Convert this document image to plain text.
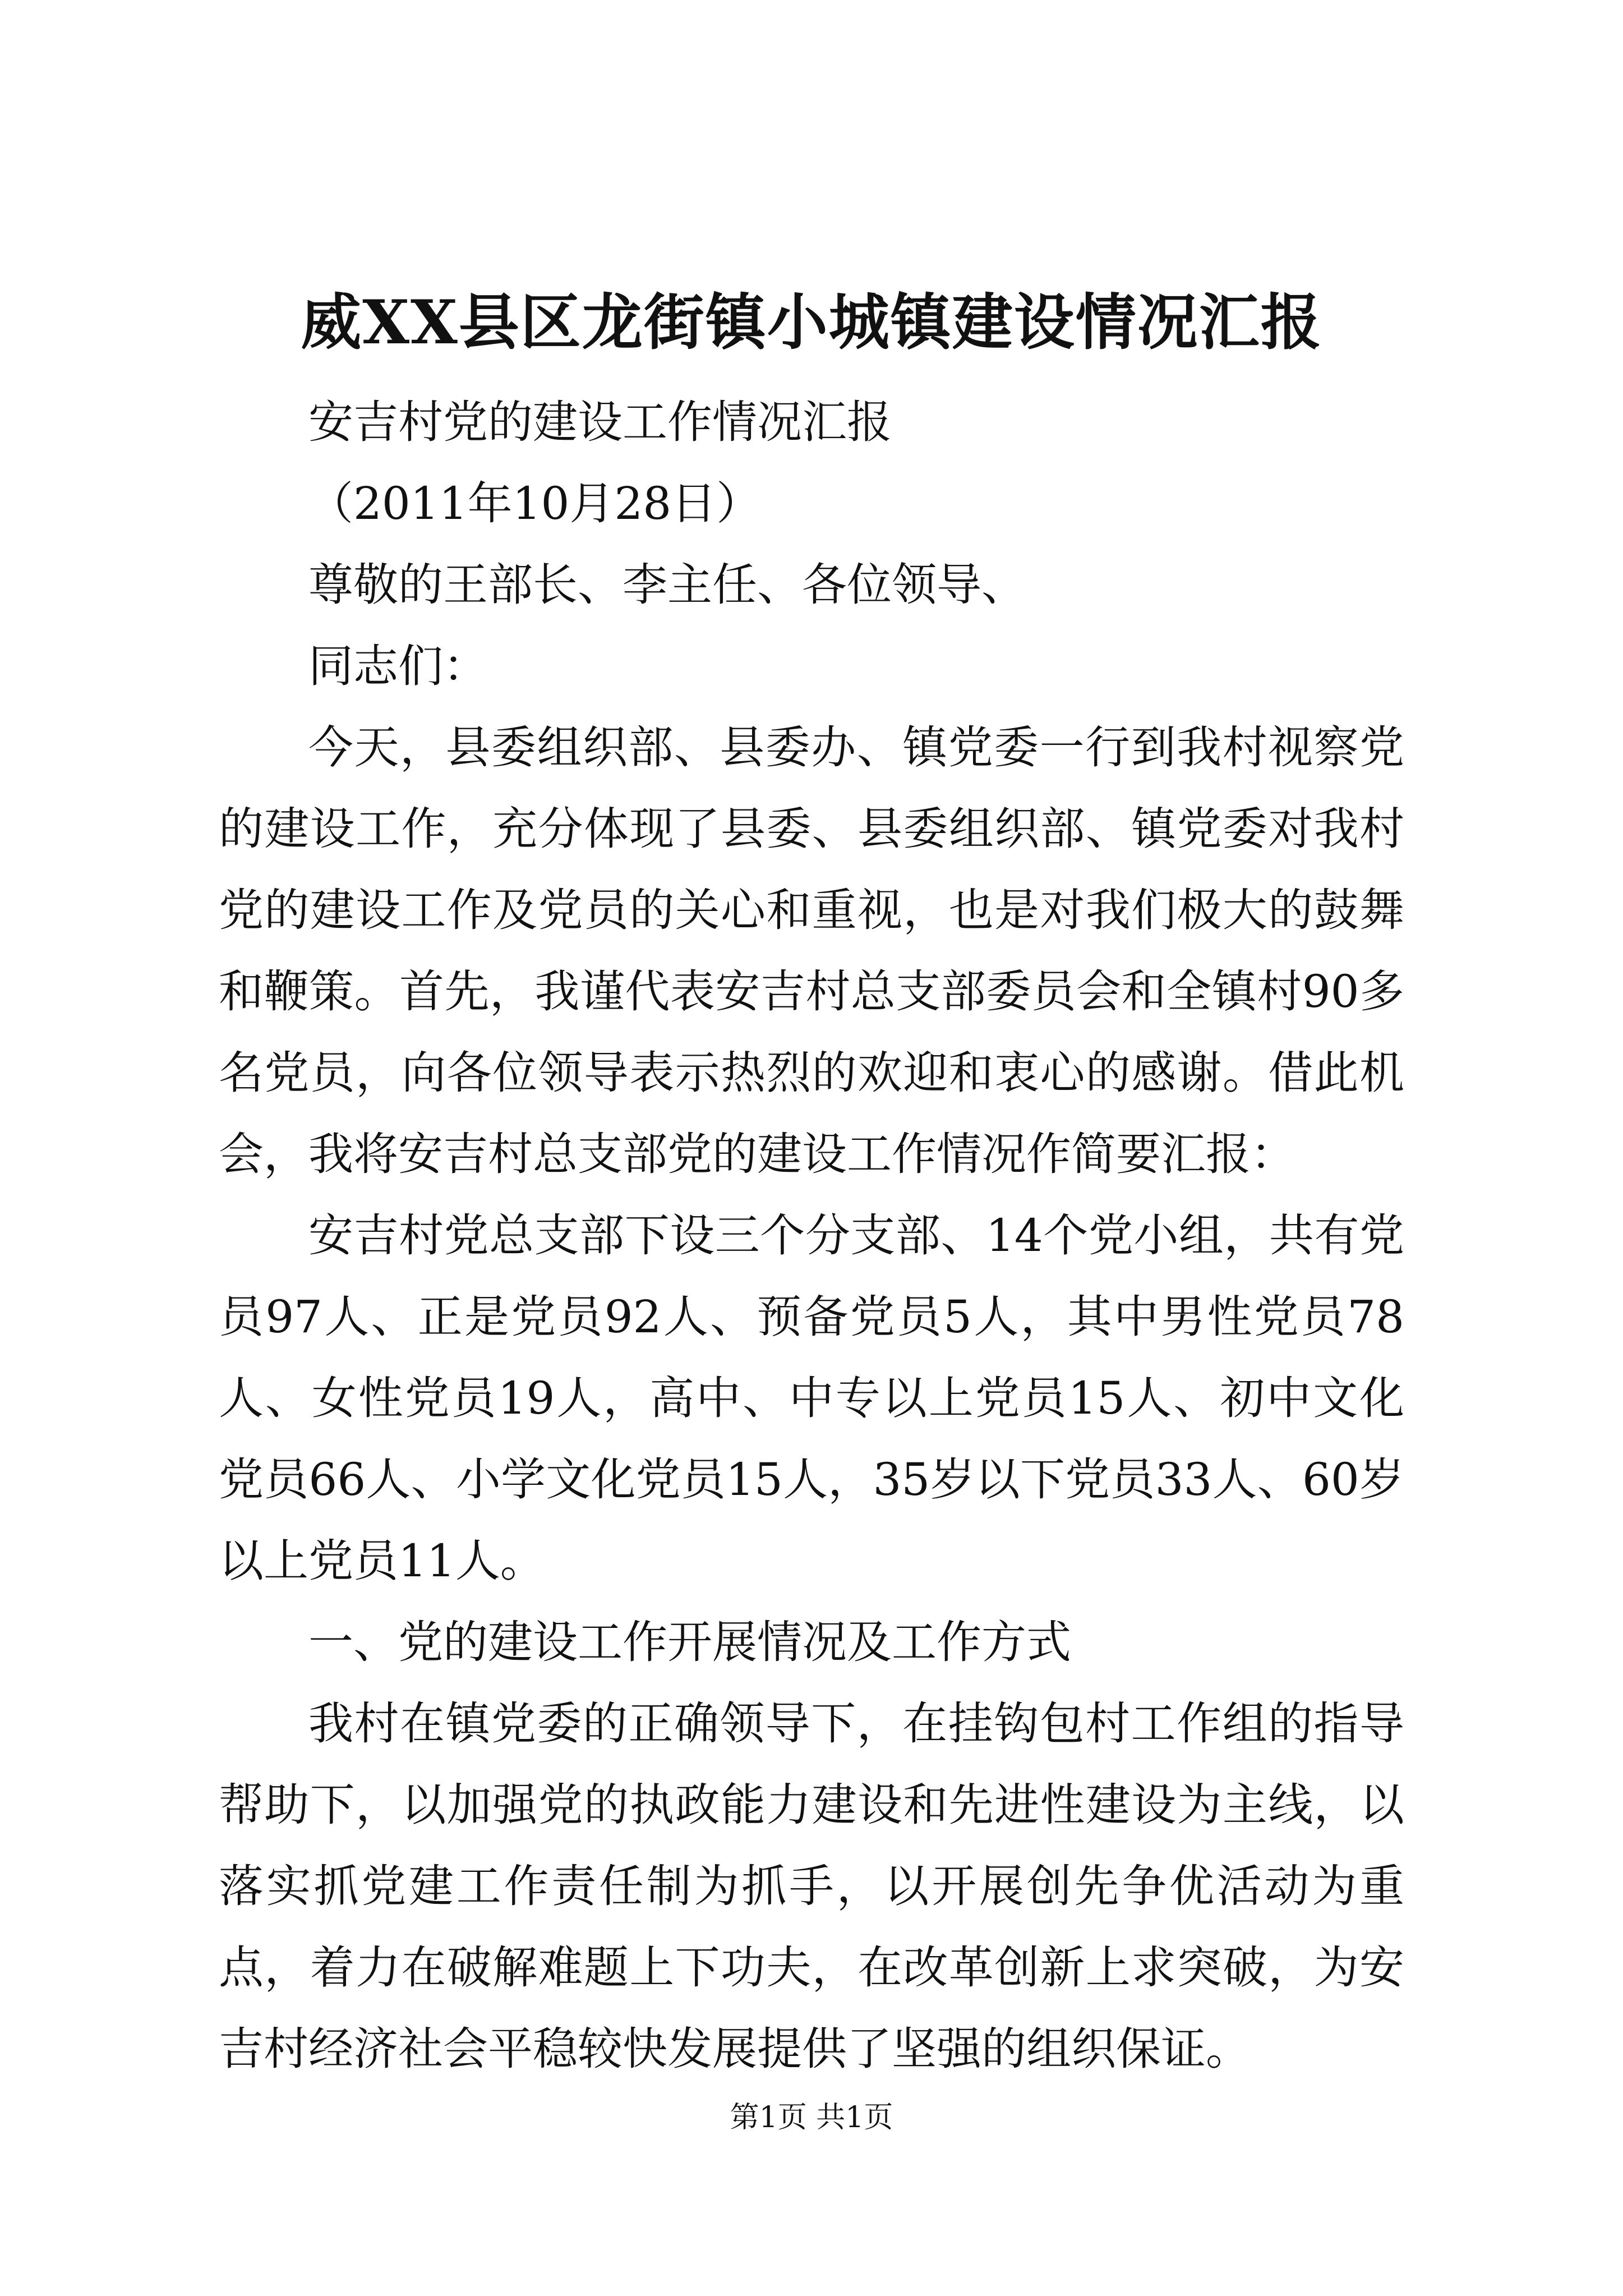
威XX县区龙街镇小城镇建设情况汇报

安吉村党的建设工作情况汇报

（2011年10月28日）

尊敬的王部长、李主任、各位领导、

同志们：

今天，县委组织部、县委办、镇党委一行到我村视察党的建设工作，充分体现了县委、县委组织部、镇党委对我村党的建设工作及党员的关心和重视，也是对我们极大的鼓舞和鞭策。首先，我谨代表安吉村总支部委员会和全镇村90多名党员，向各位领导表示热烈的欢迎和衷心的感谢。借此机会，我将安吉村总支部党的建设工作情况作简要汇报：

安吉村党总支部下设三个分支部、14个党小组，共有党员97人、正是党员92人、预备党员5人，其中男性党员78人、女性党员19人，高中、中专以上党员15人、初中文化党员66人、小学文化党员15人，35岁以下党员33人、60岁以上党员11人。

一、党的建设工作开展情况及工作方式

我村在镇党委的正确领导下，在挂钩包村工作组的指导帮助下，以加强党的执政能力建设和先进性建设为主线，以落实抓党建工作责任制为抓手，以开展创先争优活动为重点，着力在破解难题上下功夫，在改革创新上求突破，为安吉村经济社会平稳较快发展提供了坚强的组织保证。

第1页 共1页
